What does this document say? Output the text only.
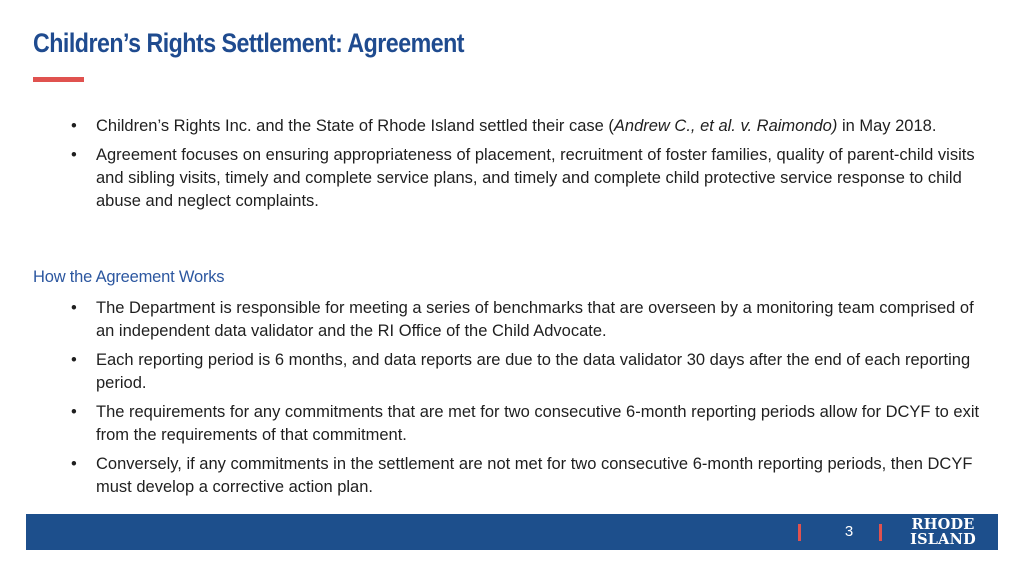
Children’s Rights Settlement: Agreement
•	Children’s Rights Inc. and the State of Rhode Island settled their case (Andrew C., et al. v. Raimondo) in May 2018.
•	Agreement focuses on ensuring appropriateness of placement, recruitment of foster families, quality of parent-child visits and sibling visits, timely and complete service plans, and timely and complete child protective service response to child abuse and neglect complaints.
How the Agreement Works
•	The Department is responsible for meeting a series of benchmarks that are overseen by a monitoring team comprised of an independent data validator and the RI Office of the Child Advocate.
•	Each reporting period is 6 months, and data reports are due to the data validator 30 days after the end of each reporting period.
•	The requirements for any commitments that are met for two consecutive 6-month reporting periods allow for DCYF to exit from the requirements of that commitment.
•	Conversely, if any commitments in the settlement are not met for two consecutive 6-month reporting periods, then DCYF must develop a corrective action plan.
3	RHODE
ISLAND
